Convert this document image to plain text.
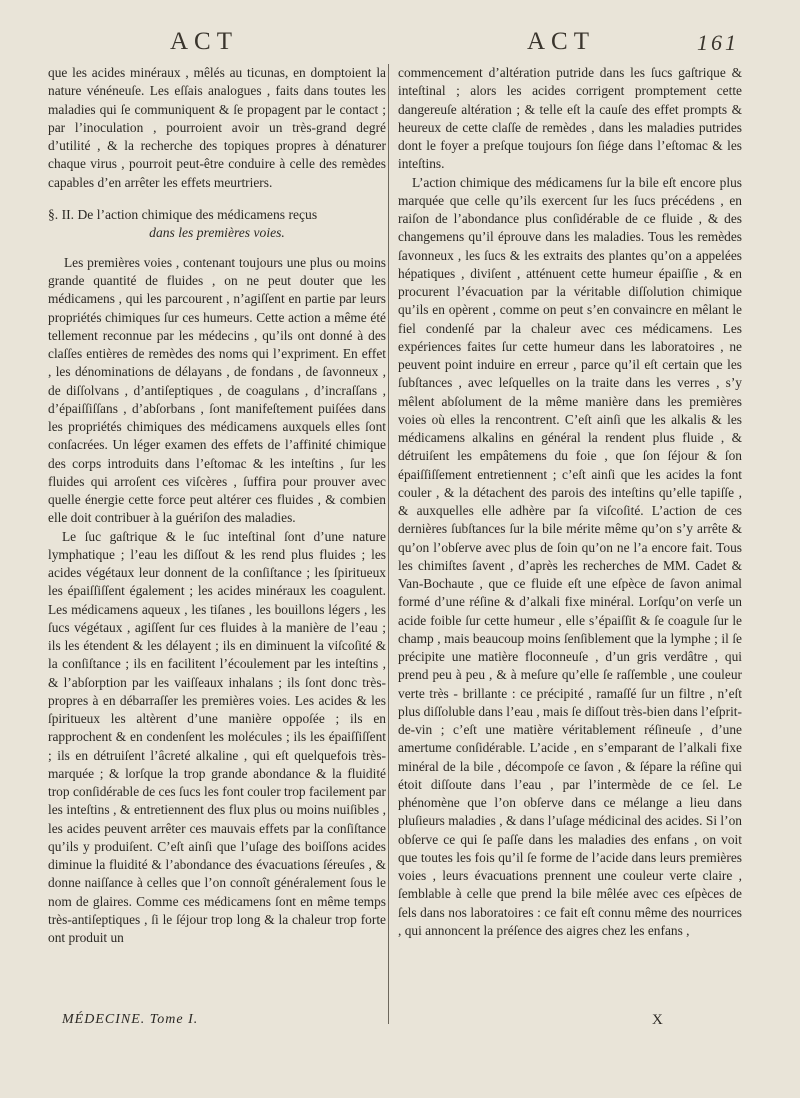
ACT	ACT	161

que les acides minéraux , mêlés au ticunas, en domptoient la nature vénéneuſe. Les eſſais analogues , faits dans toutes les maladies qui ſe communiquent & ſe propagent par le contact ; par l’inoculation , pourroient avoir un très-grand degré d’utilité , & la recherche des topiques propres à dénaturer chaque virus , pourroit peut-être conduire à celle des remèdes capables d’en arrêter les effets meurtriers.

§. II. De l’action chimique des médicamens reçus
dans les premières voies.

Les premières voies , contenant toujours une plus ou moins grande quantité de fluides , on ne peut douter que les médicamens , qui les parcourent , n’agiſſent en partie par leurs propriétés chimiques ſur ces humeurs. Cette action a même été tellement reconnue par les médecins , qu’ils ont donné à des claſſes entières de remèdes des noms qui l’expriment. En effet , les dénominations de délayans , de fondans , de ſavonneux , de diſſolvans , d’antiſeptiques , de coagulans , d’incraſſans , d’épaiſſiſſans , d’abſorbans , ſont manifeſtement puiſées dans les propriétés chimiques des médicamens auxquels elles ſont conſacrées. Un léger examen des effets de l’affinité chimique des corps introduits dans l’eſtomac & les inteſtins , ſur les fluides qui arroſent ces viſcères , ſuffira pour prouver avec quelle énergie cette force peut altérer ces fluides , & combien elle doit contribuer à la guériſon des maladies.

Le ſuc gaſtrique & le ſuc inteſtinal ſont d’une nature lymphatique ; l’eau les diſſout & les rend plus fluides ; les acides végétaux leur donnent de la conſiſtance ; les ſpiritueux les épaiſſiſſent également ; les acides minéraux les coagulent. Les médicamens aqueux , les tiſanes , les bouillons légers , les ſucs végétaux , agiſſent ſur ces fluides à la manière de l’eau ; ils les étendent & les délayent ; ils en diminuent la viſcoſité & la conſiſtance ; ils en facilitent l’écoulement par les inteſtins , & l’abſorption par les vaiſſeaux inhalans ; ils ſont donc très-propres à en débarraſſer les premières voies. Les acides & les ſpiritueux les altèrent d’une manière oppoſée ; ils en rapprochent & en condenſent les molécules ; ils les épaiſſiſſent ; ils en détruiſent l’âcreté alkaline , qui eſt quelquefois très-marquée ; & lorſque la trop grande abondance & la fluidité trop conſidérable de ces ſucs les font couler trop facilement par les inteſtins , & entretiennent des flux plus ou moins nuiſibles , les acides peuvent arrêter ces mauvais effets par la conſiſtance qu’ils y produiſent. C’eſt ainſi que l’uſage des boiſſons acides diminue la fluidité & l’abondance des évacuations ſéreuſes , & donne naiſſance à celles que l’on connoît généralement ſous le nom de glaires. Comme ces médicamens ſont en même temps très-antiſeptiques , ſi le ſéjour trop long & la chaleur trop forte ont produit un

commencement d’altération putride dans les ſucs gaſtrique & inteſtinal ; alors les acides corrigent promptement cette dangereuſe altération ; & telle eſt la cauſe des effet prompts & heureux de cette claſſe de remèdes , dans les maladies putrides dont le foyer a preſque toujours ſon ſiége dans l’eſtomac & les inteſtins.

L’action chimique des médicamens ſur la bile eſt encore plus marquée que celle qu’ils exercent ſur les ſucs précédens , en raiſon de l’abondance plus conſidérable de ce fluide , & des changemens qu’il éprouve dans les maladies. Tous les remèdes ſavonneux , les ſucs & les extraits des plantes qu’on a appelées hépatiques , diviſent , atténuent cette humeur épaiſſie , & en procurent l’évacuation par la véritable diſſolution chimique qu’ils en opèrent , comme on peut s’en convaincre en mêlant le fiel condenſé par la chaleur avec ces médicamens. Les expériences faites ſur cette humeur dans les laboratoires , ne peuvent point induire en erreur , parce qu’il eſt certain que les ſubſtances , avec leſquelles on la traite dans les verres , s’y mêlent abſolument de la même manière dans les premières voies où elles la rencontrent. C’eſt ainſi que les alkalis & les médicamens alkalins en général la rendent plus fluide , & détruiſent les empâtemens du foie , que ſon ſéjour & ſon épaiſſiſſement entretiennent ; c’eſt ainſi que les acides la font couler , & la détachent des parois des inteſtins qu’elle tapiſſe , & auxquelles elle adhère par ſa viſcoſité. L’action de ces dernières ſubſtances ſur la bile mérite même qu’on s’y arrête & qu’on l’obſerve avec plus de ſoin qu’on ne l’a encore fait. Tous les chimiſtes ſavent , d’après les recherches de MM. Cadet & Van-Bochaute , que ce fluide eſt une eſpèce de ſavon animal formé d’une réſine & d’alkali fixe minéral. Lorſqu’on verſe un acide foible ſur cette humeur , elle s’épaiſſit & ſe coagule ſur le champ , mais beaucoup moins ſenſiblement que la lymphe ; il ſe précipite une matière floconneuſe , d’un gris verdâtre , qui prend peu à peu , & à meſure qu’elle ſe raſſemble , une couleur verte très - brillante : ce précipité , ramaſſé ſur un filtre , n’eſt plus diſſoluble dans l’eau , mais ſe diſſout très-bien dans l’eſprit-de-vin ; c’eſt une matière véritablement réſineuſe , d’une amertume conſidérable. L’acide , en s’emparant de l’alkali fixe minéral de la bile , décompoſe ce ſavon , & ſépare la réſine qui étoit diſſoute dans l’eau , par l’intermède de ce ſel. Le phénomène que l’on obſerve dans ce mélange a lieu dans pluſieurs maladies , & dans l’uſage médicinal des acides. Si l’on obſerve ce qui ſe paſſe dans les maladies des enfans , on voit que toutes les fois qu’il ſe forme de l’acide dans leurs premières voies , leurs évacuations prennent une couleur verte claire , ſemblable à celle que prend la bile mêlée avec ces eſpèces de ſels dans nos laboratoires : ce fait eſt connu même des nourrices , qui annoncent la préſence des aigres chez les enfans ,

MÉDECINE. Tome I.	X
